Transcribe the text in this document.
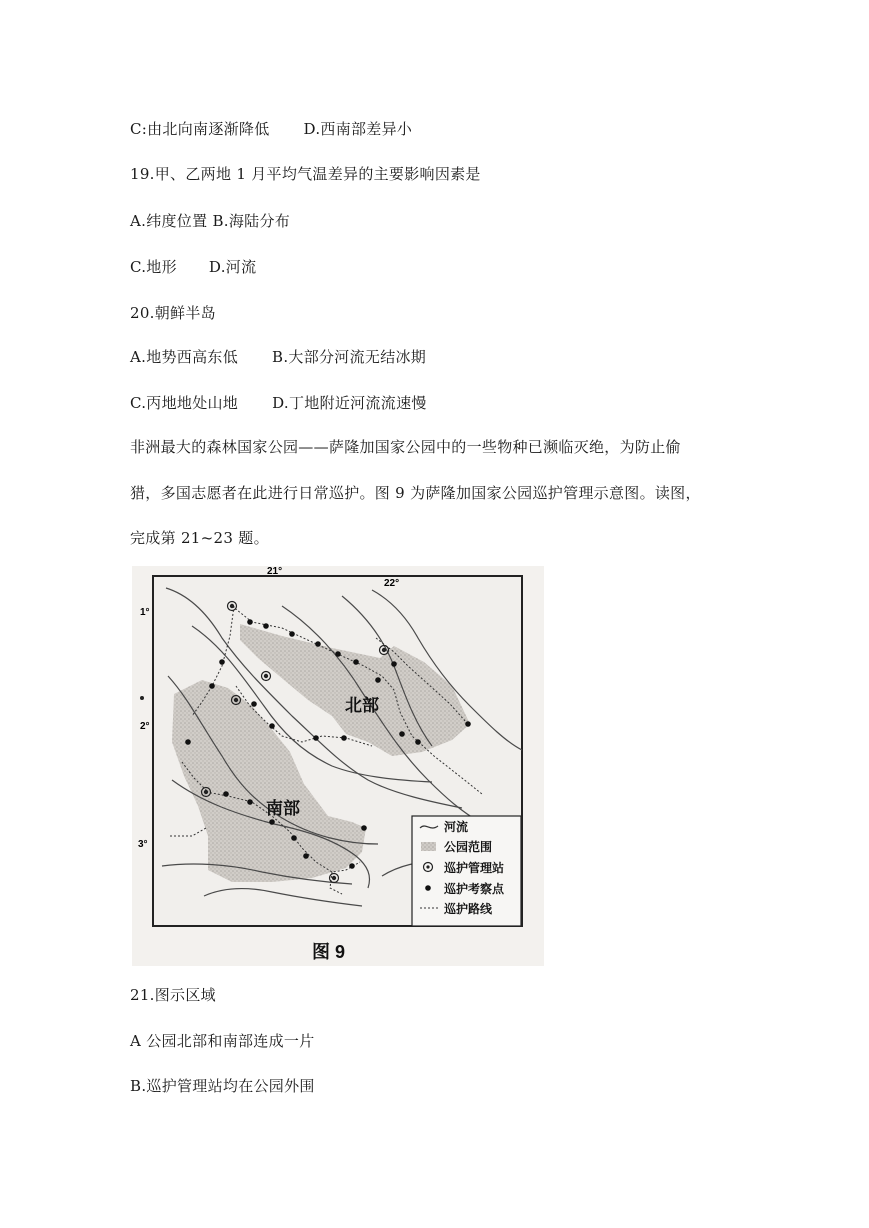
C:由北向南逐渐降低 D.西南部差异小
19.甲、乙两地 1 月平均气温差异的主要影响因素是
A.纬度位置 B.海陆分布
C.地形 D.河流
20.朝鲜半岛
A.地势西高东低 B.大部分河流无结冰期
C.丙地地处山地 D.丁地附近河流流速慢
非洲最大的森林国家公园——萨隆加国家公园中的一些物种已濒临灭绝，为防止偷
猎，多国志愿者在此进行日常巡护。图 9 为萨隆加国家公园巡护管理示意图。读图，
完成第 21~23 题。
21°
22°
1°
2°
3°
北部
南部
河流
公园范围
巡护管理站
巡护考察点
巡护路线
图 9
21.图示区域
A 公园北部和南部连成一片
B.巡护管理站均在公园外围
